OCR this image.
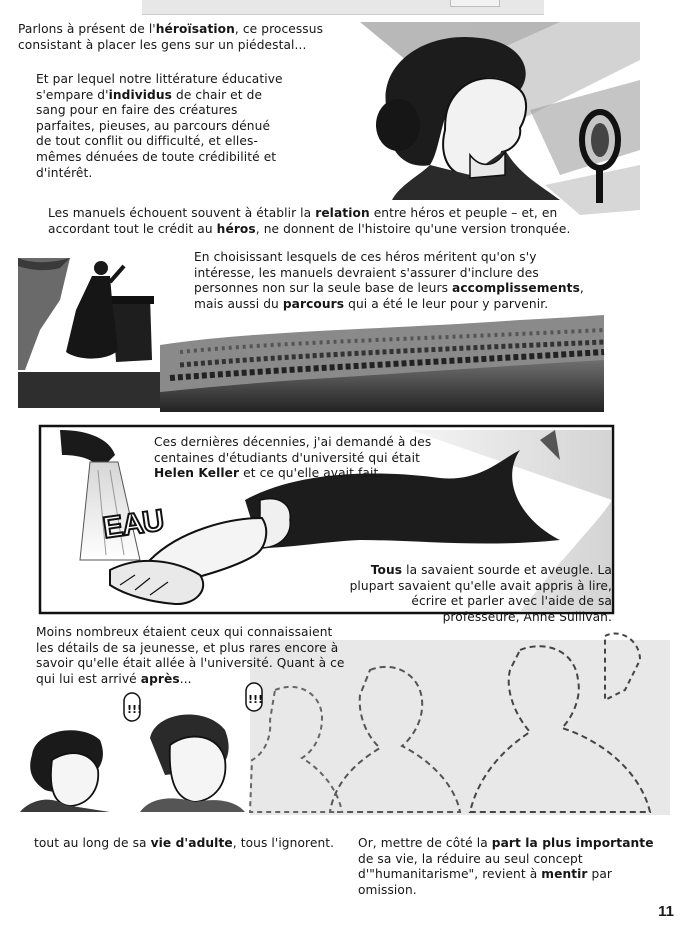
!!!
!!!
EAU
Parlons à présent de l'héroïsation, ce processus consistant à placer les gens sur un piédestal...
Et par lequel notre littérature éducative s'empare d'individus de chair et de sang pour en faire des créatures parfaites, pieuses, au parcours dénué de tout conflit ou difficulté, et elles-mêmes dénuées de toute crédibilité et d'intérêt.
Les manuels échouent souvent à établir la relation entre héros et peuple – et, en accordant tout le crédit au héros, ne donnent de l'histoire qu'une version tronquée.
En choisissant lesquels de ces héros méritent qu'on s'y intéresse, les manuels devraient s'assurer d'inclure des personnes non sur la seule base de leurs accomplissements, mais aussi du parcours qui a été le leur pour y parvenir.
Ces dernières décennies, j'ai demandé à des centaines d'étudiants d'université qui était Helen Keller et ce qu'elle avait fait.
Tous la savaient sourde et aveugle. La plupart savaient qu'elle avait appris à lire, écrire et parler avec l'aide de sa professeure, Anne Sullivan.
Moins nombreux étaient ceux qui connaissaient les détails de sa jeunesse, et plus rares encore à savoir qu'elle était allée à l'université. Quant à ce qui lui est arrivé après...
tout au long de sa vie d'adulte, tous l'ignorent.	Or, mettre de côté la part la plus importante de sa vie, la réduire au seul concept d'"humanitarisme", revient à mentir par omission.
11
